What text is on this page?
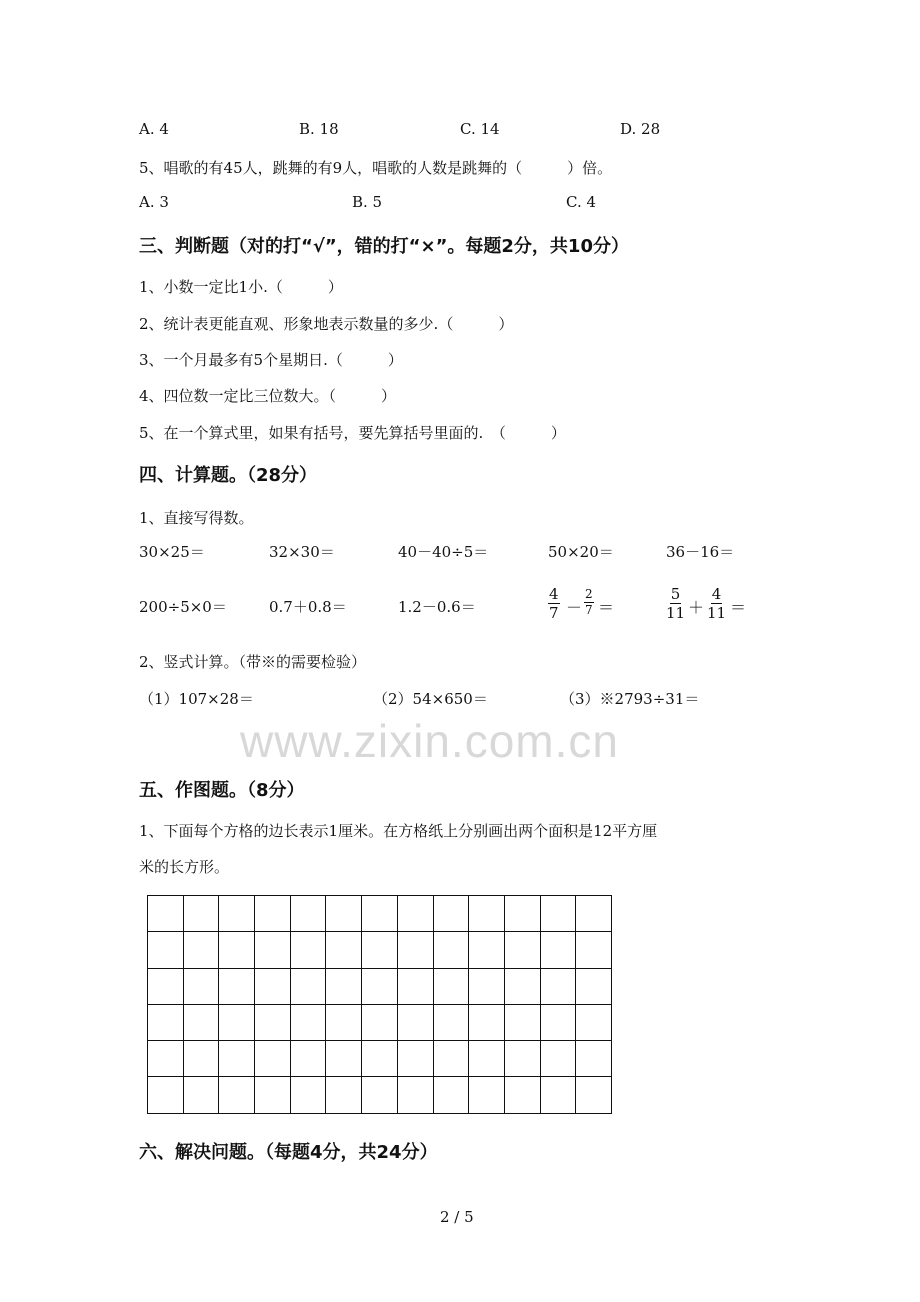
www.zixin.com.cn
A. 4	B. 18	C. 14	D. 28
5、唱歌的有45人，跳舞的有9人，唱歌的人数是跳舞的（　　　）倍。
A. 3	B. 5	C. 4
三、判断题（对的打“√”，错的打“×”。每题2分，共10分）
1、小数一定比1小.（　　　）
2、统计表更能直观、形象地表示数量的多少.（　　　）
3、一个月最多有5个星期日.（　　　）
4、四位数一定比三位数大。（　　　）
5、在一个算式里，如果有括号，要先算括号里面的.　（　　　）
四、计算题。（28分）
1、直接写得数。
30×25＝	32×30＝	40－40÷5＝	50×20＝	36－16＝
200÷5×0＝	0.7＋0.8＝	1.2－0.6＝	$\frac{4}{7} - \frac{2}{7}$ ＝	$\frac{5}{11} + \frac{4}{11}$ ＝
2、竖式计算。（带※的需要检验）
（1）107×28＝	（2）54×650＝	（3）※2793÷31＝
五、作图题。（8分）
1、下面每个方格的边长表示1厘米。在方格纸上分别画出两个面积是12平方厘
米的长方形。

六、解决问题。（每题4分，共24分）
2 / 5
